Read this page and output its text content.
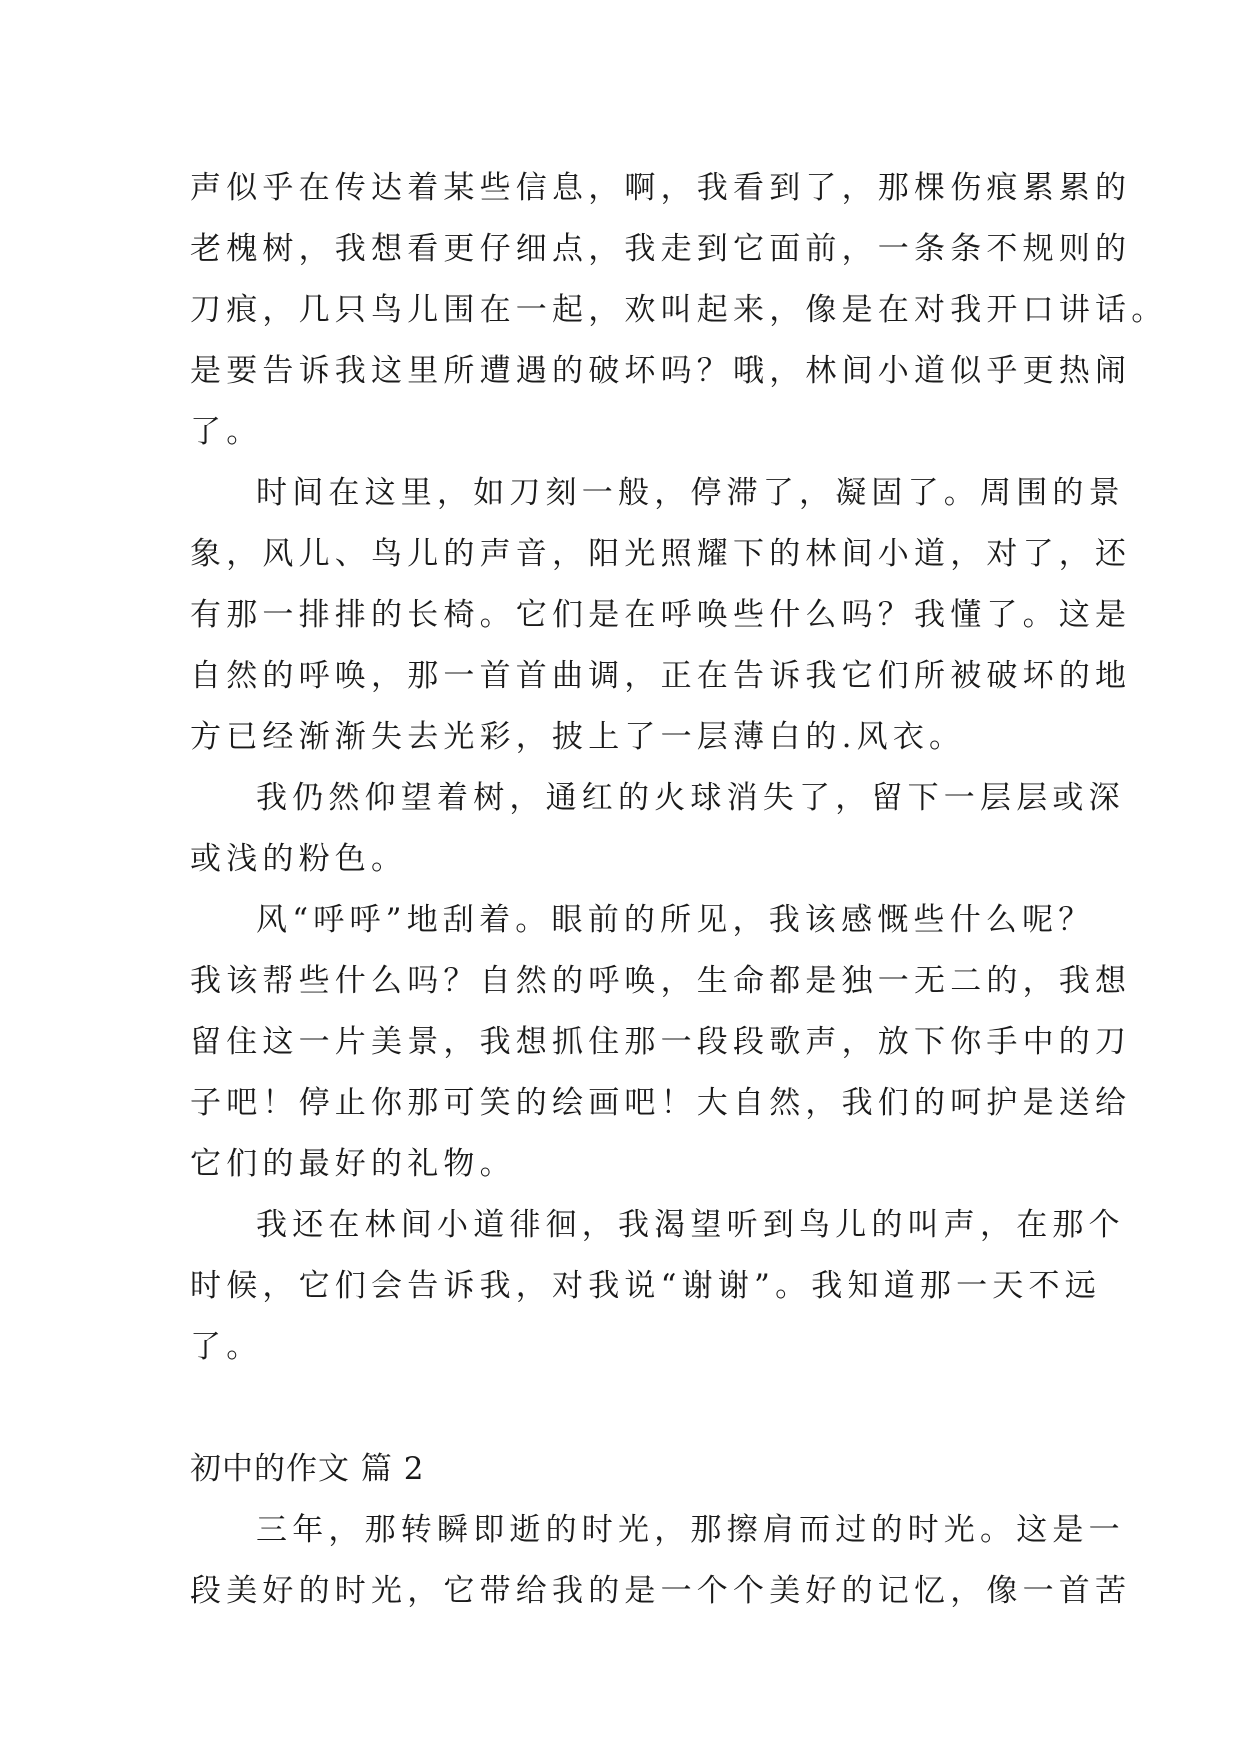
声似乎在传达着某些信息，啊，我看到了，那棵伤痕累累的
老槐树，我想看更仔细点，我走到它面前，一条条不规则的
刀痕，几只鸟儿围在一起，欢叫起来，像是在对我开口讲话。
是要告诉我这里所遭遇的破坏吗？哦，林间小道似乎更热闹
了。
时间在这里，如刀刻一般，停滞了，凝固了。周围的景
象，风儿、鸟儿的声音，阳光照耀下的林间小道，对了，还
有那一排排的长椅。它们是在呼唤些什么吗？我懂了。这是
自然的呼唤，那一首首曲调，正在告诉我它们所被破坏的地
方已经渐渐失去光彩，披上了一层薄白的.风衣。
我仍然仰望着树，通红的火球消失了，留下一层层或深
或浅的粉色。
风“呼呼”地刮着。眼前的所见，我该感慨些什么呢？
我该帮些什么吗？自然的呼唤，生命都是独一无二的，我想
留住这一片美景，我想抓住那一段段歌声，放下你手中的刀
子吧！停止你那可笑的绘画吧！大自然，我们的呵护是送给
它们的最好的礼物。
我还在林间小道徘徊，我渴望听到鸟儿的叫声，在那个
时候，它们会告诉我，对我说“谢谢”。我知道那一天不远
了。
初中的作文 篇 2
三年，那转瞬即逝的时光，那擦肩而过的时光。这是一
段美好的时光，它带给我的是一个个美好的记忆，像一首苦
